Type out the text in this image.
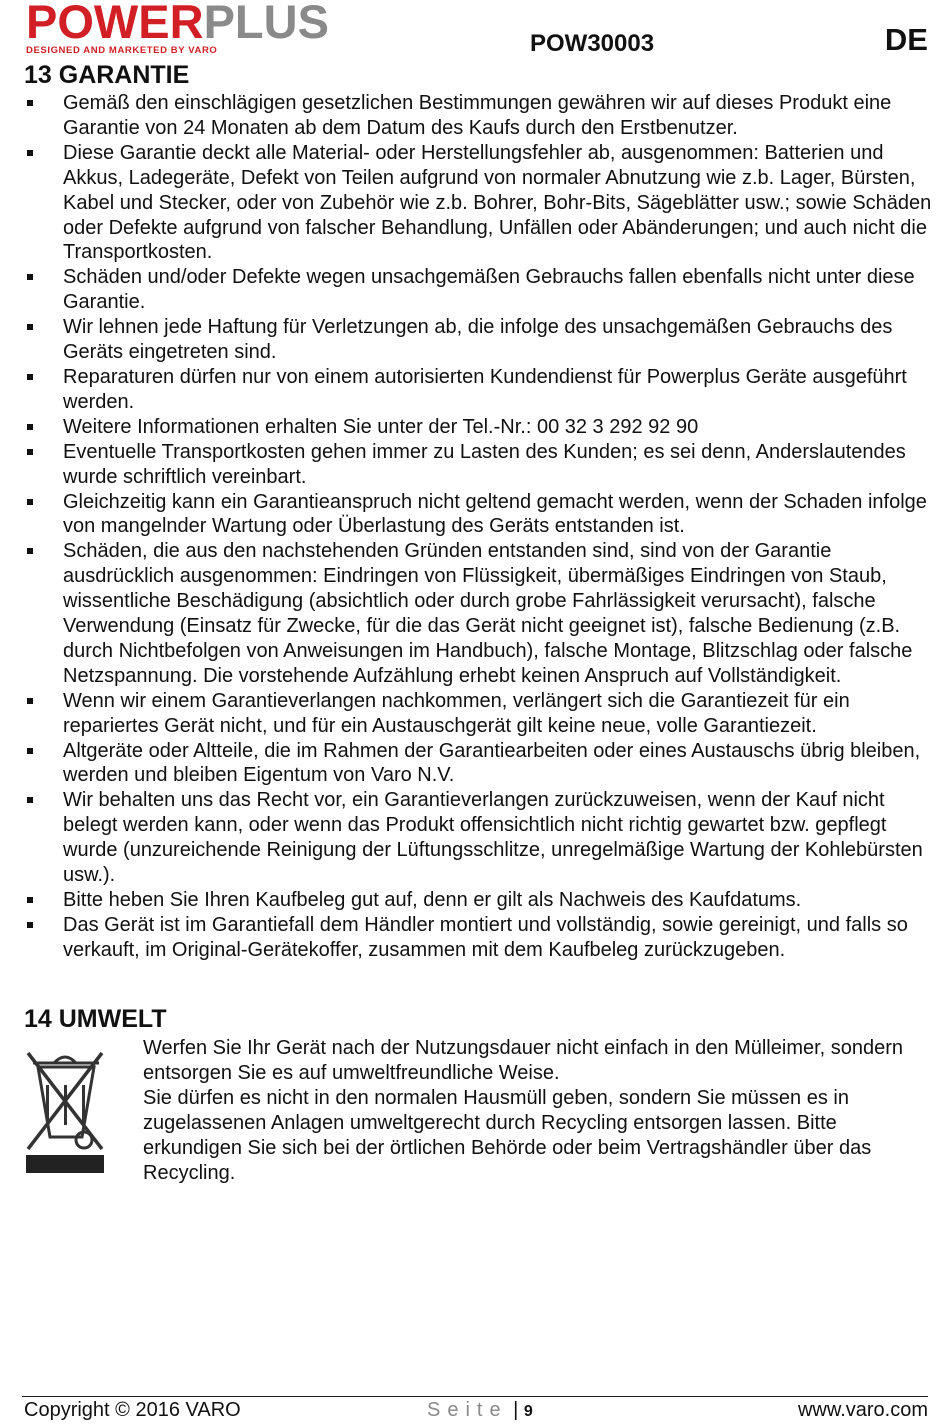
POWERPLUS
DESIGNED AND MARKETED BY VARO	POW30003	DE
13 GARANTIE
Gemäß den einschlägigen gesetzlichen Bestimmungen gewähren wir auf dieses Produkt eine Garantie von 24 Monaten ab dem Datum des Kaufs durch den Erstbenutzer.
Diese Garantie deckt alle Material- oder Herstellungsfehler ab, ausgenommen: Batterien und Akkus, Ladegeräte, Defekt von Teilen aufgrund von normaler Abnutzung wie z.b. Lager, Bürsten, Kabel und Stecker, oder von Zubehör wie z.b. Bohrer, Bohr-Bits, Sägeblätter usw.; sowie Schäden oder Defekte aufgrund von falscher Behandlung, Unfällen oder Abänderungen; und auch nicht die Transportkosten.
Schäden und/oder Defekte wegen unsachgemäßen Gebrauchs fallen ebenfalls nicht unter diese Garantie.
Wir lehnen jede Haftung für Verletzungen ab, die infolge des unsachgemäßen Gebrauchs des Geräts eingetreten sind.
Reparaturen dürfen nur von einem autorisierten Kundendienst für Powerplus Geräte ausgeführt werden.
Weitere Informationen erhalten Sie unter der Tel.-Nr.: 00 32 3 292 92 90
Eventuelle Transportkosten gehen immer zu Lasten des Kunden; es sei denn, Anderslautendes wurde schriftlich vereinbart.
Gleichzeitig kann ein Garantieanspruch nicht geltend gemacht werden, wenn der Schaden infolge von mangelnder Wartung oder Überlastung des Geräts entstanden ist.
Schäden, die aus den nachstehenden Gründen entstanden sind, sind von der Garantie ausdrücklich ausgenommen: Eindringen von Flüssigkeit, übermäßiges Eindringen von Staub, wissentliche Beschädigung (absichtlich oder durch grobe Fahrlässigkeit verursacht), falsche Verwendung (Einsatz für Zwecke, für die das Gerät nicht geeignet ist), falsche Bedienung (z.B. durch Nichtbefolgen von Anweisungen im Handbuch), falsche Montage, Blitzschlag oder falsche Netzspannung. Die vorstehende Aufzählung erhebt keinen Anspruch auf Vollständigkeit.
Wenn wir einem Garantieverlangen nachkommen, verlängert sich die Garantiezeit für ein repariertes Gerät nicht, und für ein Austauschgerät gilt keine neue, volle Garantiezeit.
Altgeräte oder Altteile, die im Rahmen der Garantiearbeiten oder eines Austauschs übrig bleiben, werden und bleiben Eigentum von Varo N.V.
Wir behalten uns das Recht vor, ein Garantieverlangen zurückzuweisen, wenn der Kauf nicht belegt werden kann, oder wenn das Produkt offensichtlich nicht richtig gewartet bzw. gepflegt wurde (unzureichende Reinigung der Lüftungsschlitze, unregelmäßige Wartung der Kohlebürsten usw.).
Bitte heben Sie Ihren Kaufbeleg gut auf, denn er gilt als Nachweis des Kaufdatums.
Das Gerät ist im Garantiefall dem Händler montiert und vollständig, sowie gereinigt, und falls so verkauft, im Original-Gerätekoffer, zusammen mit dem Kaufbeleg zurückzugeben.
14 UMWELT

Werfen Sie Ihr Gerät nach der Nutzungsdauer nicht einfach in den Mülleimer, sondern entsorgen Sie es auf umweltfreundliche Weise.

Sie dürfen es nicht in den normalen Hausmüll geben, sondern Sie müssen es in zugelassenen Anlagen umweltgerecht durch Recycling entsorgen lassen. Bitte erkundigen Sie sich bei der örtlichen Behörde oder beim Vertragshändler über das Recycling.

Copyright © 2016 VARO	Seite | 9	www.varo.com
